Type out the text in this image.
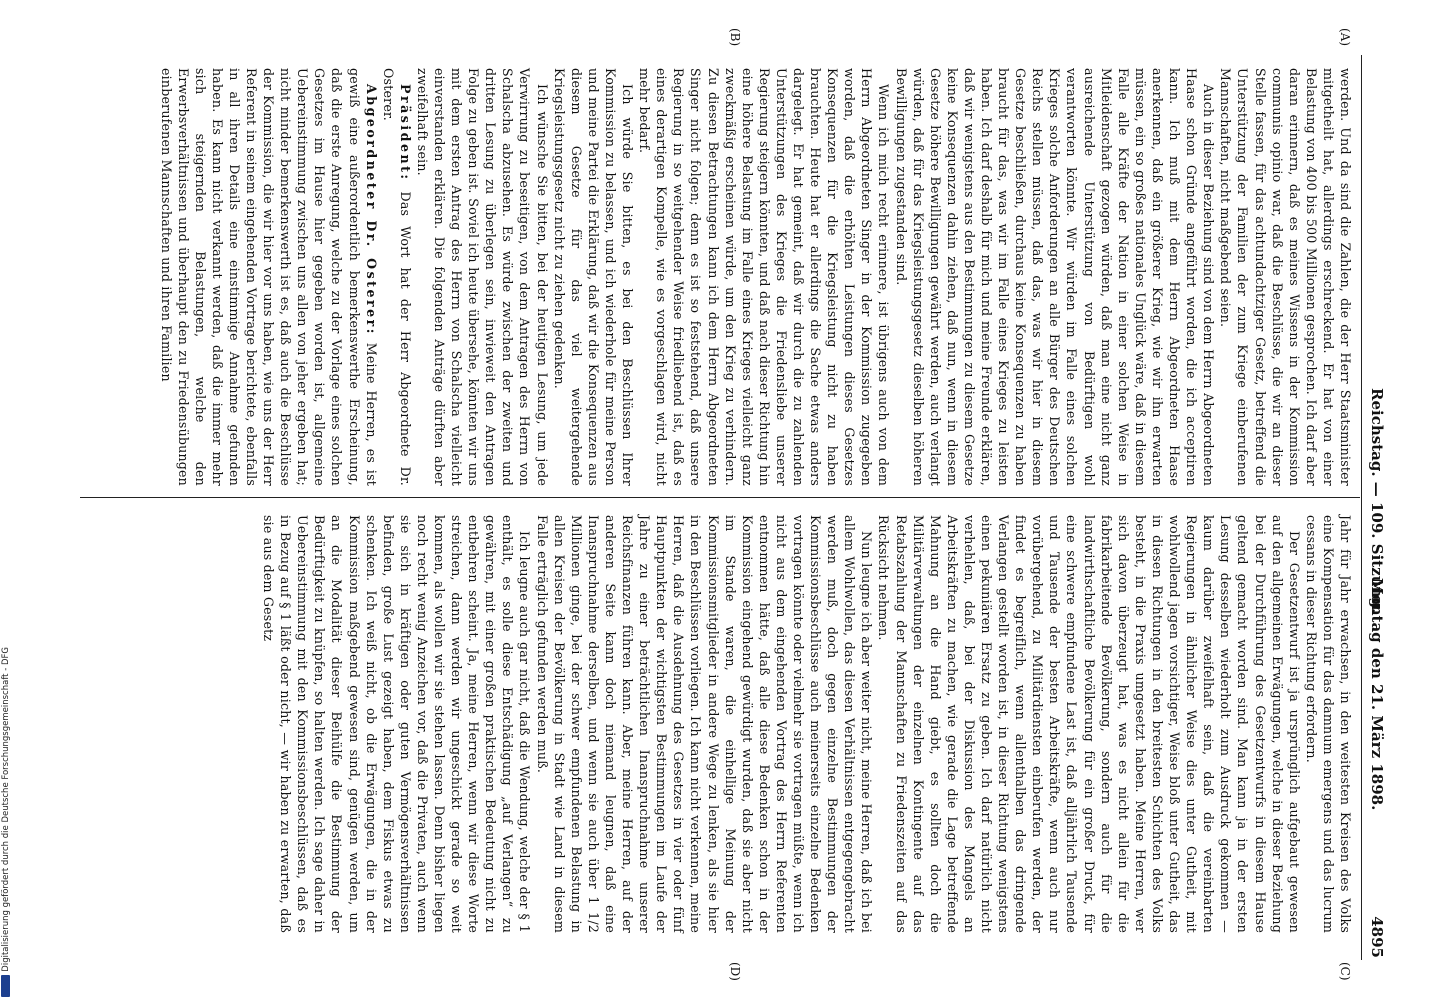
Reichstag. — 109. Sitzung.
Montag den 21. März 1898.
4895
(A)
(B)
(C)
(D)

werden. Und da sind die Zahlen, die der Herr Staatsminister mitgetheilt hat, allerdings erschreckend. Er hat von einer Belastung von 400 bis 500 Millionen gesprochen. Ich darf aber daran erinnern, daß es meines Wissens in der Kommission communis opinio war, daß die Beschlüsse, die wir an dieser Stelle fassen, für das achtundachtziger Gesetz, betreffend die Unterstützung der Familien der zum Kriege einberufenen Mannschaften, nicht maßgebend seien.

Auch in dieser Beziehung sind von dem Herrn Abgeordneten Haase schon Gründe angeführt worden, die ich acceptiren kann. Ich muß mit dem Herrn Abgeordneten Haase anerkennen, daß ein größerer Krieg, wie wir ihn erwarten müssen, ein so großes nationales Unglück wäre, daß in diesem Falle alle Kräfte der Nation in einer solchen Weise in Mitleidenschaft gezogen würden, daß man eine nicht ganz ausreichende Unterstützung von Bedürftigen wohl verantworten könnte. Wir würden im Falle eines solchen Krieges solche Anforderungen an alle Bürger des Deutschen Reichs stellen müssen, daß das, was wir hier in diesem Gesetze beschließen, durchaus keine Konsequenzen zu haben braucht für das, was wir im Falle eines Krieges zu leisten haben. Ich darf deshalb für mich und meine Freunde erklären, daß wir wenigstens aus den Bestimmungen zu diesem Gesetze keine Konsequenzen dahin ziehen, daß nun, wenn in diesem Gesetze höhere Bewilligungen gewährt werden, auch verlangt würden, daß für das Kriegsleistungsgesetz dieselben höheren Bewilligungen zugestanden sind.

Wenn ich mich recht erinnere, ist übrigens auch von dem Herrn Abgeordneten Singer in der Kommission zugegeben worden, daß die erhöhten Leistungen dieses Gesetzes Konsequenzen für die Kriegsleistung nicht zu haben brauchten. Heute hat er allerdings die Sache etwas anders dargelegt. Er hat gemeint, daß wir durch die zu zahlenden Unterstützungen des Krieges die Friedensliebe unserer Regierung steigern könnten, und daß nach dieser Richtung hin eine höhere Belastung im Falle eines Krieges vielleicht ganz zweckmäßig erscheinen würde, um den Krieg zu verhindern. Zu diesen Betrachtungen kann ich dem Herrn Abgeordneten Singer nicht folgen; denn es ist so feststehend, daß unsere Regierung in so weitgehender Weise friedliebend ist, daß es eines derartigen Kompelle, wie es vorgeschlagen wird, nicht mehr bedarf.

Ich würde Sie bitten, es bei den Beschlüssen Ihrer Kommission zu belassen, und ich wiederhole für meine Person und meine Partei die Erklärung, daß wir die Konsequenzen aus diesem Gesetze für das viel weitergehende Kriegsleistungsgesetz nicht zu ziehen gedenken.

Ich wünsche Sie bitten, bei der heutigen Lesung, um jede Verwirrung zu beseitigen, von dem Antragen des Herrn von Schalscha abzusehen. Es würde zwischen der zweiten und dritten Lesung zu überlegen sein, inwieweit den Antragen Folge zu geben ist. Soviel ich heute übersehe, könnten wir uns mit dem ersten Antrag des Herrn von Schalscha vielleicht einverstanden erklären. Die folgenden Anträge dürften aber zweifelhaft sein.

Präsident: Das Wort hat der Herr Abgeordnete Dr. Osterer.

Abgeordneter Dr. Osterer: Meine Herren, es ist gewiß eine außerordentlich bemerkenswerthe Erscheinung, daß die erste Anregung, welche zu der Vorlage eines solchen Gesetzes im Hause hier gegeben worden ist, allgemeine Uebereinstimmung zwischen uns allen von jeher ergeben hat; nicht minder bemerkenswerth ist es, daß auch die Beschlüsse der Kommission, die wir hier vor uns haben, wie uns der Herr Referent in seinem eingehenden Vortrage berichtete, ebenfalls in all ihren Details eine einstimmige Annahme gefunden haben. Es kann nicht verkannt werden, daß die immer mehr sich steigernden Belastungen, welche den Erwerbsverhältnissen und überhaupt den zu Friedensübungen einberufenen Mannschaften und ihren Familien

Jahr für Jahr erwachsen, in den weitesten Kreisen des Volks eine Kompensation für das damnum emergens und das lucrum cessans in dieser Richtung erfordern.

Der Gesetzentwurf ist ja ursprünglich aufgebaut gewesen auf den allgemeinen Erwägungen, welche in dieser Beziehung bei der Durchführung des Gesetzentwurfs in diesem Hause geltend gemacht worden sind. Man kann ja in der ersten Lesung desselben wiederholt zum Ausdruck gekommen — kaum darüber zweifelhaft sein, daß die vereinbarten Regierungen in ähnlicher Weise dies unter Gutheit, mit wohlwollend jagen vorsichtiger, Weise bloß unter Gutheit, das in diesen Richtungen in den breitesten Schichten des Volks besteht, in die Praxis umgesetzt haben. Meine Herren, wer sich davon überzeugt hat, was es nicht allein für die fabrikarbeitende Bevölkerung, sondern auch für die landwirthschaftliche Bevölkerung für ein großer Druck, für eine schwere empfundene Last ist, daß alljährlich Tausende und Tausende der besten Arbeitskräfte, wenn auch nur vorübergehend, zu Militärdiensten einberufen werden, der findet es begreiflich, wenn allenthalben das dringende Verlangen gestellt worden ist, in dieser Richtung wenigstens einen pekuniären Ersatz zu geben. Ich darf natürlich nicht verhehlen, daß, bei der Diskussion des Mangels an Arbeitskräften zu machen, wie gerade die Lage betreffende Mahnung an die Hand giebt, es sollten doch die Militärverwaltungen der einzelnen Kontingente auf das Retabszahlung der Mannschaften zu Friedenszeiten auf das Rücksicht nehmen.

Nun leugne ich aber weiter nicht, meine Herren, daß ich bei allem Wohlwollen, das diesen Verhältnissen entgegengebracht werden muß, doch gegen einzelne Bestimmungen der Kommissionsbeschlüsse auch meinerseits einzelne Bedenken vortragen könnte oder vielmehr sie vortragen müßte, wenn ich nicht aus dem eingehenden Vortrag des Herrn Referenten entnommen hätte, daß alle diese Bedenken schon in der Kommission eingehend gewürdigt wurden, daß sie aber nicht im Stande waren, die einhellige Meinung der Kommissionsmitglieder in andere Wege zu lenken, als sie hier in den Beschlüssen vorliegen. Ich kann nicht verkennen, meine Herren, daß die Ausdehnung des Gesetzes in vier oder fünf Hauptpunkten der wichtigsten Bestimmungen im Laufe der Jahre zu einer beträchtlichen Inanspruchnahme unserer Reichsfinanzen führen kann. Aber, meine Herren, auf der anderen Seite kann doch niemand leugnen, daß eine Inanspruchnahme derselben, und wenn sie auch über 1 1/2 Millionen ginge, bei der schwer empfundenen Belastung in allen Kreisen der Bevölkerung in Stadt wie Land in diesem Falle erträglich gefunden werden muß.

Ich leugne auch gar nicht, daß die Wendung, welche der § 1 enthält, es solle diese Entschädigung „auf Verlangen“ zu gewähren, mit einer großen praktischen Bedeutung nicht zu entbehren scheint. Ja, meine Herren, wenn wir diese Worte streichen, dann werden wir ungeschickt gerade so weit kommen, als wollen wir sie stehen lassen. Denn bisher liegen noch recht wenig Anzeichen vor, daß die Privaten, auch wenn sie sich in kräftigen oder guten Vermögensverhältnissen befinden, große Lust gezeigt haben, dem Fiskus etwas zu schenken. Ich weiß nicht, ob die Erwägungen, die in der Kommission maßgebend gewesen sind, genügen werden, um an die Modalität dieser Beihülfe die Bestimmung der Bedürftigkeit zu knüpfen, so halten werden. Ich sage daher in Uebereinstimmung mit den Kommissionsbeschlüssen, daß es in Bezug auf § 1 läßt oder nicht, — wir haben zu erwarten, daß sie aus dem Gesetz

Digitalisierung gefördert durch die Deutsche Forschungsgemeinschaft - DFG
